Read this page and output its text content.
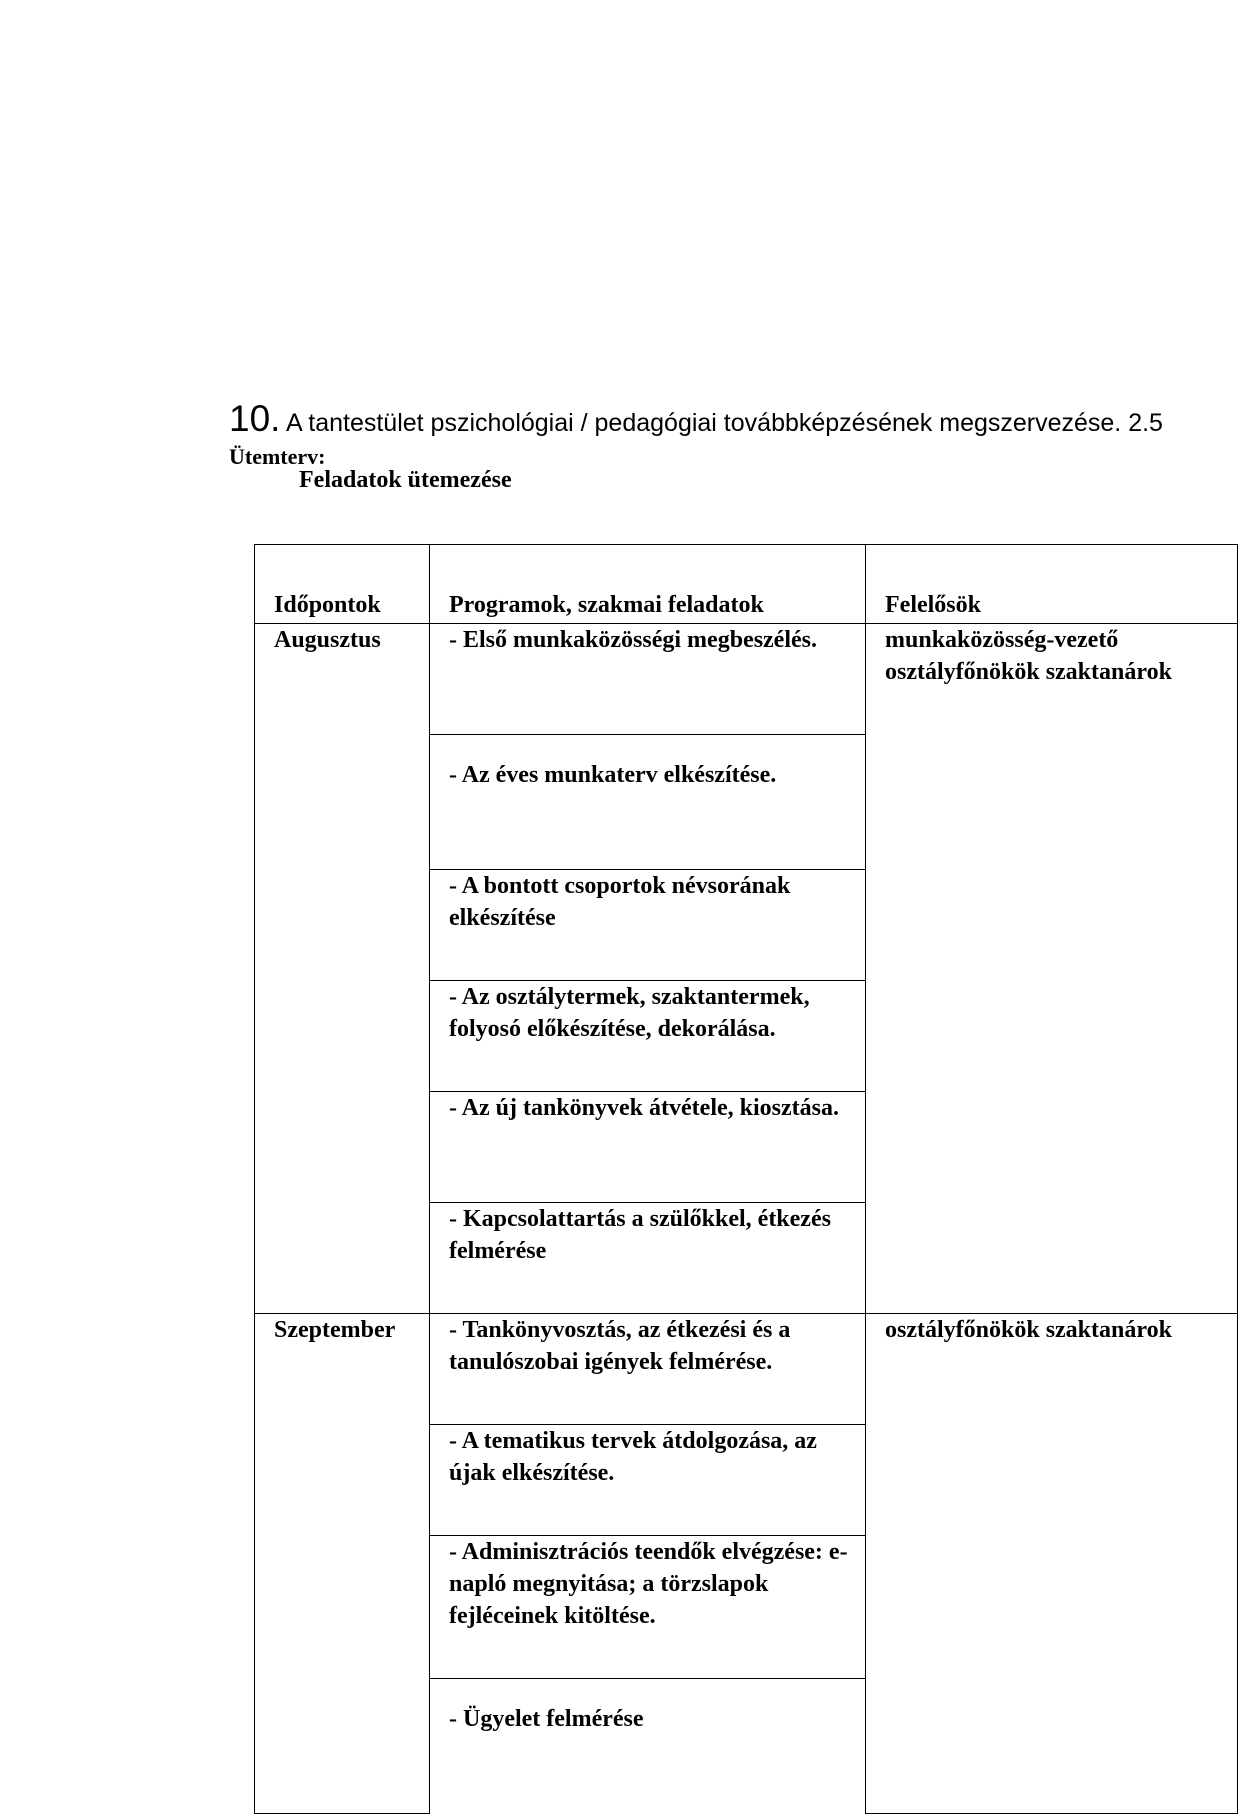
10. A tantestület pszichológiai / pedagógiai továbbképzésének megszervezése. 2.5
Ütemterv:
Feladatok ütemezése
Időpontok	Programok, szakmai feladatok	Felelősök
Augusztus	- Első munkaközösségi megbeszélés.	munkaközösség-vezető osztályfőnökök szaktanárok
	- Az éves munkaterv elkészítése.	
	- A bontott csoportok névsorának elkészítése	
	- Az osztálytermek, szaktantermek, folyosó előkészítése, dekorálása.	
	- Az új tankönyvek átvétele, kiosztása.	
	- Kapcsolattartás a szülőkkel, étkezés felmérése	
Szeptember	- Tankönyvosztás, az étkezési és a tanulószobai igények felmérése.	osztályfőnökök szaktanárok
	- A tematikus tervek átdolgozása, az újak elkészítése.	
	- Adminisztrációs teendők elvégzése: e-napló megnyitása; a törzslapok fejléceinek kitöltése.	
	- Ügyelet felmérése	
